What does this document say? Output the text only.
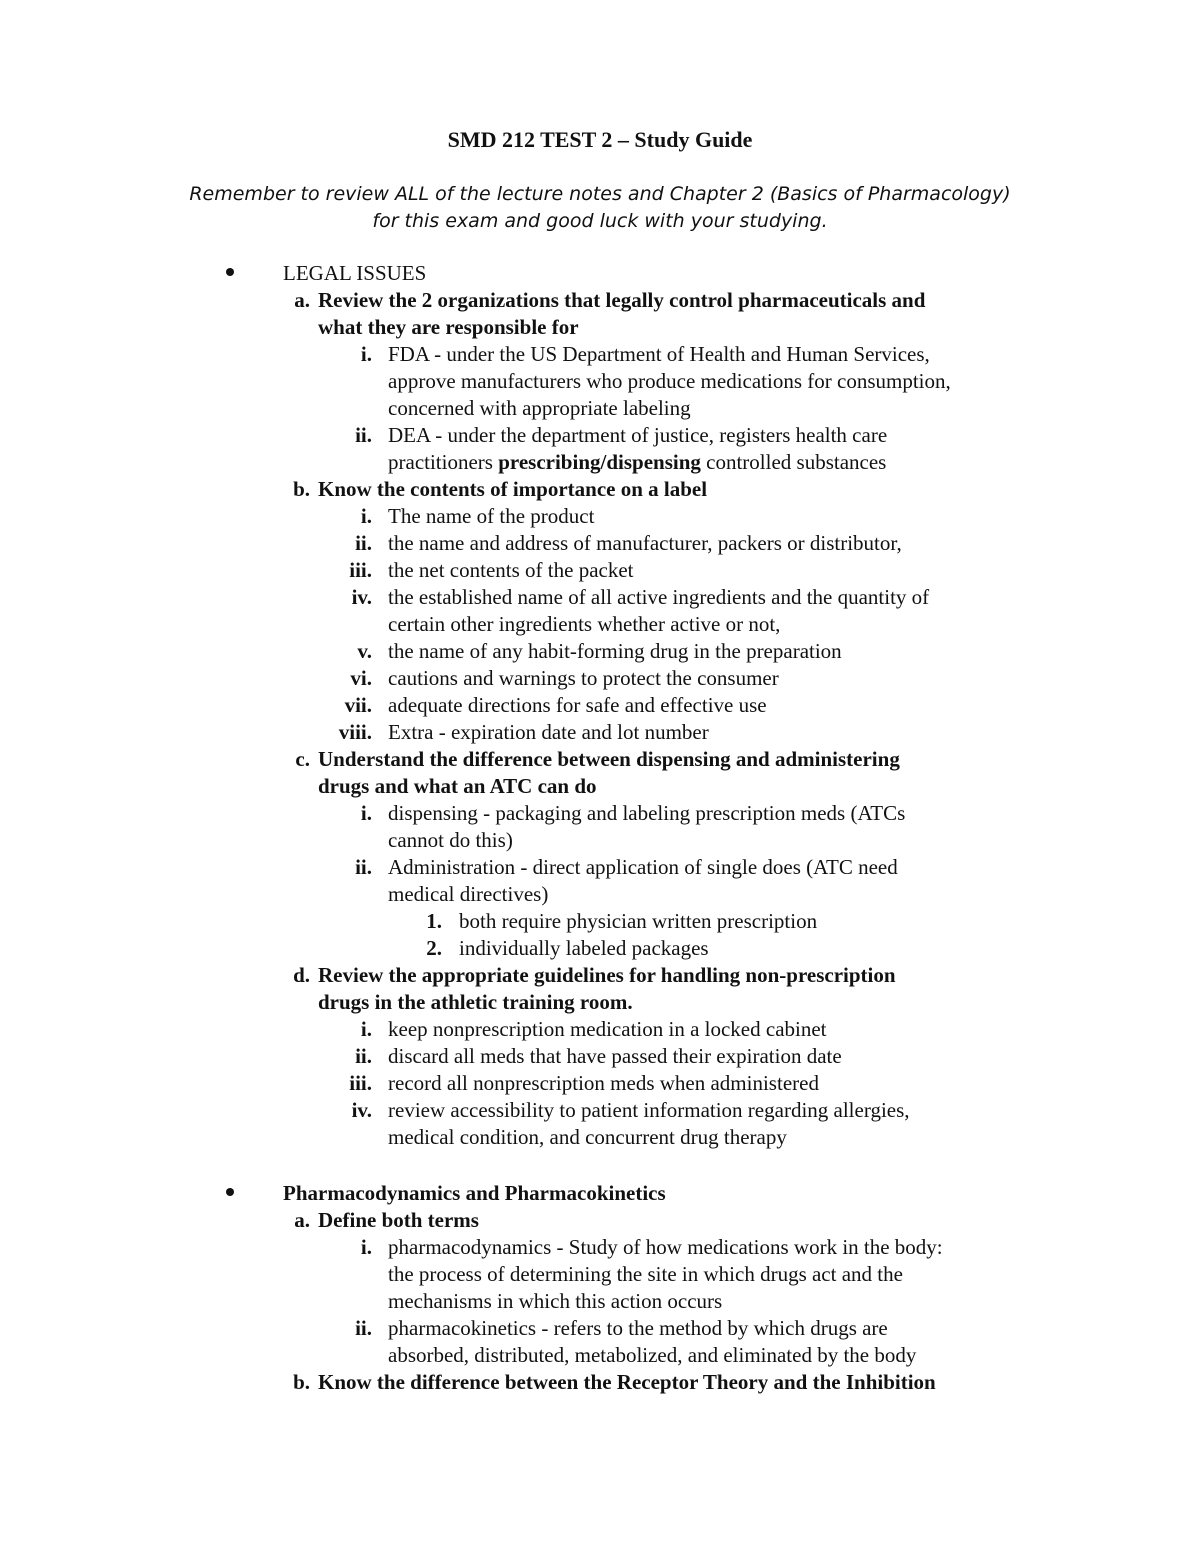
SMD 212 TEST 2 – Study Guide
Remember to review ALL of the lecture notes and Chapter 2 (Basics of Pharmacology)
for this exam and good luck with your studying.
LEGAL ISSUES
a. Review the 2 organizations that legally control pharmaceuticals and
what they are responsible for
i. FDA - under the US Department of Health and Human Services,
approve manufacturers who produce medications for consumption,
concerned with appropriate labeling
ii. DEA - under the department of justice, registers health care
practitioners prescribing/dispensing controlled substances
b. Know the contents of importance on a label
i. The name of the product
ii. the name and address of manufacturer, packers or distributor,
iii. the net contents of the packet
iv. the established name of all active ingredients and the quantity of
certain other ingredients whether active or not,
v. the name of any habit-forming drug in the preparation
vi. cautions and warnings to protect the consumer
vii. adequate directions for safe and effective use
viii. Extra - expiration date and lot number
c. Understand the difference between dispensing and administering
drugs and what an ATC can do
i. dispensing - packaging and labeling prescription meds (ATCs
cannot do this)
ii. Administration - direct application of single does (ATC need
medical directives)
1. both require physician written prescription
2. individually labeled packages
d. Review the appropriate guidelines for handling non-prescription
drugs in the athletic training room.
i. keep nonprescription medication in a locked cabinet
ii. discard all meds that have passed their expiration date
iii. record all nonprescription meds when administered
iv. review accessibility to patient information regarding allergies,
medical condition, and concurrent drug therapy
Pharmacodynamics and Pharmacokinetics
a. Define both terms
i. pharmacodynamics - Study of how medications work in the body:
the process of determining the site in which drugs act and the
mechanisms in which this action occurs
ii. pharmacokinetics - refers to the method by which drugs are
absorbed, distributed, metabolized, and eliminated by the body
b. Know the difference between the Receptor Theory and the Inhibition
